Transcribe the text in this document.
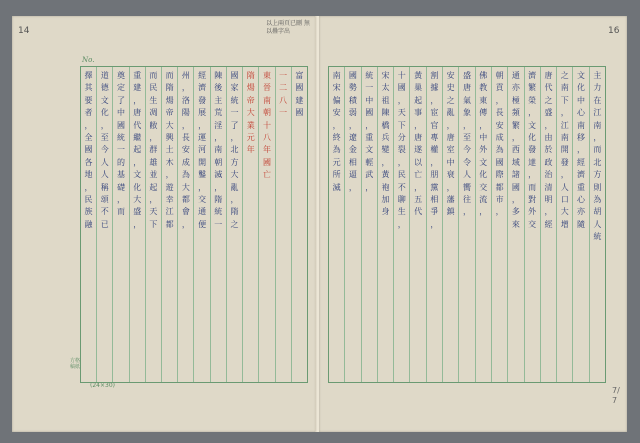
14	16
以上兩頁已刪 無以疊字出
No.
(24×30)
方格稿紙
富
國
建
國
一
二
八
一
東
晉
南
朝
十
八
年
國
亡
隋
煬
帝
大
業
元
年
國
家
統
一
了
，
北
方
大
亂
，
隋
之
陳
後
主
荒
淫
，
南
朝
滅
，
隋
統
一
經
濟
發
展
，
運
河
開
鑿
，
交
通
便
州
，
洛
陽
，
長
安
成
為
大
都
會
，
而
隋
煬
帝
大
興
土
木
，
遊
幸
江
都
而
民
生
凋
敝
，
群
雄
並
起
，
天
下
重
建
，
唐
代
繼
起
，
文
化
大
盛
，
奠
定
了
中
國
統
一
的
基
礎
，
而
道
德
文
化
，
至
今
人
人
稱
頌
不
已
擇
其
要
者
，
全
國
各
地
，
民
族
融
主
力
在
江
南
，
而
北
方
則
為
胡
人
統
文
化
中
心
南
移
，
經
濟
重
心
亦
隨
之
南
下
，
江
南
開
發
，
人
口
大
增
唐
代
之
盛
，
由
於
政
治
清
明
，
經
濟
繁
榮
，
文
化
發
達
，
而
對
外
交
通
亦
極
頻
繁
，
西
域
諸
國
，
多
來
朝
貢
，
長
安
成
為
國
際
都
市
，
佛
教
東
傳
，
中
外
文
化
交
流
，
盛
唐
氣
象
，
至
今
令
人
嚮
往
，
安
史
之
亂
，
唐
室
中
衰
，
藩
鎮
割
據
，
宦
官
專
權
，
朋
黨
相
爭
，
黃
巢
起
事
，
唐
遂
以
亡
，
五
代
十
國
，
天
下
分
裂
，
民
不
聊
生
，
宋
太
祖
陳
橋
兵
變
，
黃
袍
加
身
統
一
中
國
，
重
文
輕
武
，
國
勢
積
弱
，
遼
金
相
逼
，
南
宋
偏
安
，
終
為
元
所
滅
7/7
